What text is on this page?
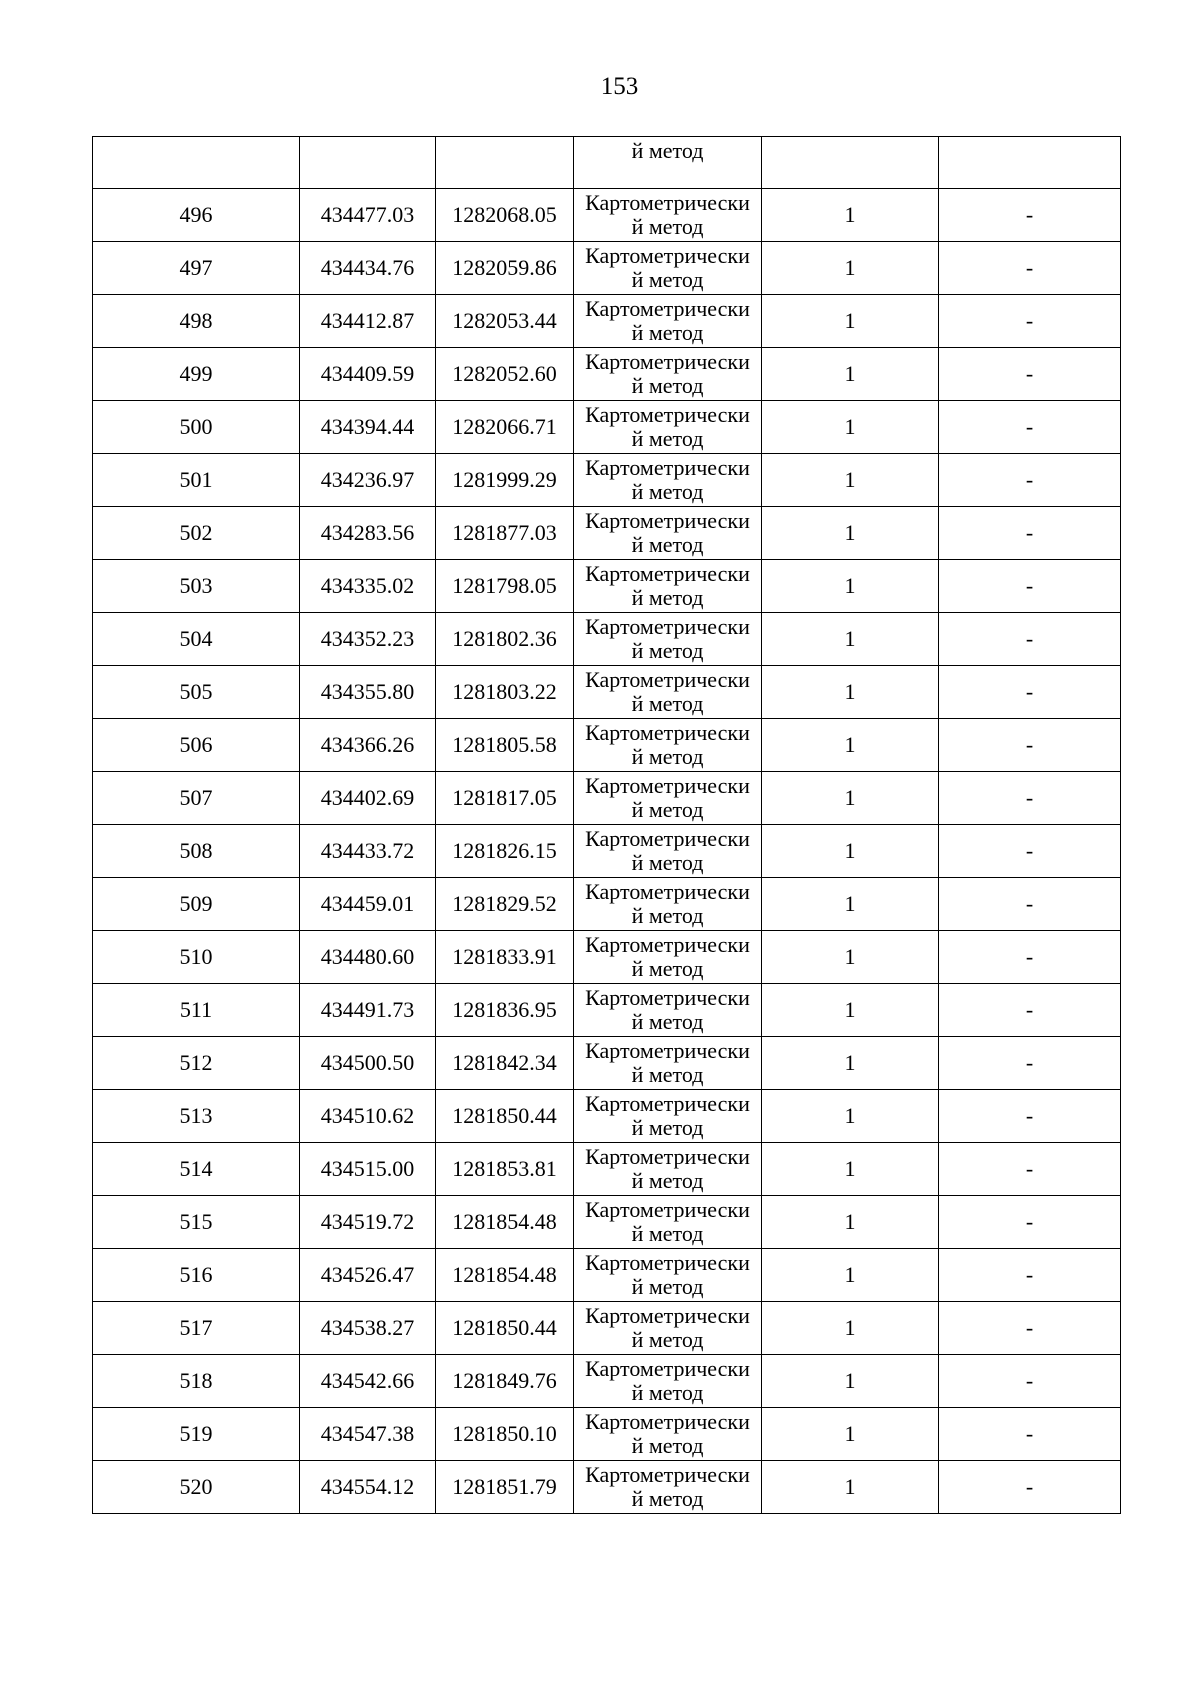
153

			й метод		

496	434477.03	1282068.05	Картометрически
й метод	1	-
497	434434.76	1282059.86	Картометрически
й метод	1	-
498	434412.87	1282053.44	Картометрически
й метод	1	-
499	434409.59	1282052.60	Картометрически
й метод	1	-
500	434394.44	1282066.71	Картометрически
й метод	1	-
501	434236.97	1281999.29	Картометрически
й метод	1	-
502	434283.56	1281877.03	Картометрически
й метод	1	-
503	434335.02	1281798.05	Картометрически
й метод	1	-
504	434352.23	1281802.36	Картометрически
й метод	1	-
505	434355.80	1281803.22	Картометрически
й метод	1	-
506	434366.26	1281805.58	Картометрически
й метод	1	-
507	434402.69	1281817.05	Картометрически
й метод	1	-
508	434433.72	1281826.15	Картометрически
й метод	1	-
509	434459.01	1281829.52	Картометрически
й метод	1	-
510	434480.60	1281833.91	Картометрически
й метод	1	-
511	434491.73	1281836.95	Картометрически
й метод	1	-
512	434500.50	1281842.34	Картометрически
й метод	1	-
513	434510.62	1281850.44	Картометрически
й метод	1	-
514	434515.00	1281853.81	Картометрически
й метод	1	-
515	434519.72	1281854.48	Картометрически
й метод	1	-
516	434526.47	1281854.48	Картометрически
й метод	1	-
517	434538.27	1281850.44	Картометрически
й метод	1	-
518	434542.66	1281849.76	Картометрически
й метод	1	-
519	434547.38	1281850.10	Картометрически
й метод	1	-
520	434554.12	1281851.79	Картометрически
й метод	1	-
